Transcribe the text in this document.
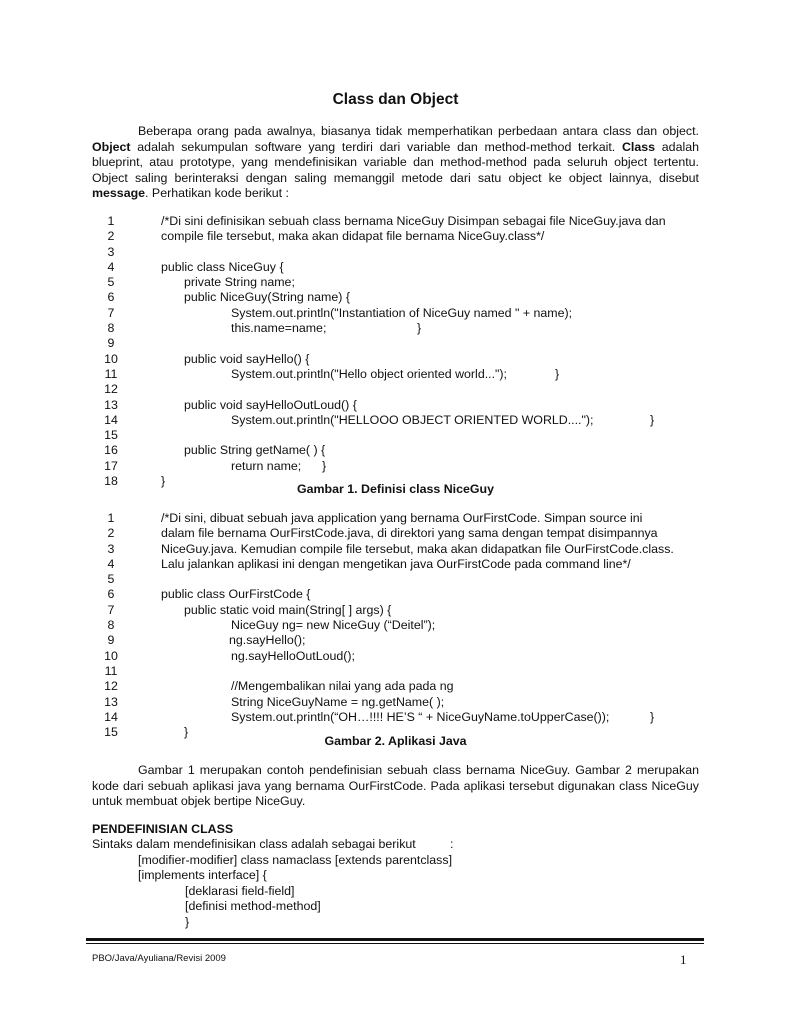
Class dan Object
Beberapa orang pada awalnya, biasanya tidak memperhatikan perbedaan antara class dan object. Object adalah sekumpulan software yang terdiri dari variable dan method-method terkait. Class adalah blueprint, atau prototype, yang mendefinisikan variable dan method-method pada seluruh object tertentu. Object saling berinteraksi dengan saling memanggil metode dari satu object ke object lainnya, disebut message. Perhatikan kode berikut :
1	/*Di sini definisikan sebuah class bernama NiceGuy Disimpan sebagai file NiceGuy.java dan
2	compile file tersebut, maka akan didapat file bernama NiceGuy.class*/
3
4	public class NiceGuy {
5	private String name;
6	public NiceGuy(String name) {
7	System.out.println("Instantiation of NiceGuy named " + name);
8	this.name=name;	}
9
10	public void sayHello() {
11	System.out.println("Hello object oriented world...");	}
12
13	public void sayHelloOutLoud() {
14	System.out.println("HELLOOO OBJECT ORIENTED WORLD....");	}
15
16	public String getName( ) {
17	return name; }
18	}
Gambar 1. Definisi class NiceGuy
1	/*Di sini, dibuat sebuah java application yang bernama OurFirstCode. Simpan source ini
2	dalam file bernama OurFirstCode.java, di direktori yang sama dengan tempat disimpannya
3	NiceGuy.java. Kemudian compile file tersebut, maka akan didapatkan file OurFirstCode.class.
4	Lalu jalankan aplikasi ini dengan mengetikan java OurFirstCode pada command line*/
5
6	public class OurFirstCode {
7	public static void main(String[ ] args) {
8	NiceGuy ng= new NiceGuy (“Deitel”);
9	ng.sayHello();
10	ng.sayHelloOutLoud();
11
12	//Mengembalikan nilai yang ada pada ng
13	String NiceGuyName = ng.getName( );
14	System.out.println(“OH…!!!! HE’S “ + NiceGuyName.toUpperCase());	}
15	}
Gambar 2. Aplikasi Java
Gambar 1 merupakan contoh pendefinisian sebuah class bernama NiceGuy. Gambar 2 merupakan kode dari sebuah aplikasi java yang bernama OurFirstCode. Pada aplikasi tersebut digunakan class NiceGuy untuk membuat objek bertipe NiceGuy.
PENDEFINISIAN CLASS
Sintaks dalam mendefinisikan class adalah sebagai berikut	:
[modifier-modifier] class namaclass [extends parentclass]
[implements interface] {
[deklarasi field-field]
[definisi method-method]
}
PBO/Java/Ayuliana/Revisi 2009	1
